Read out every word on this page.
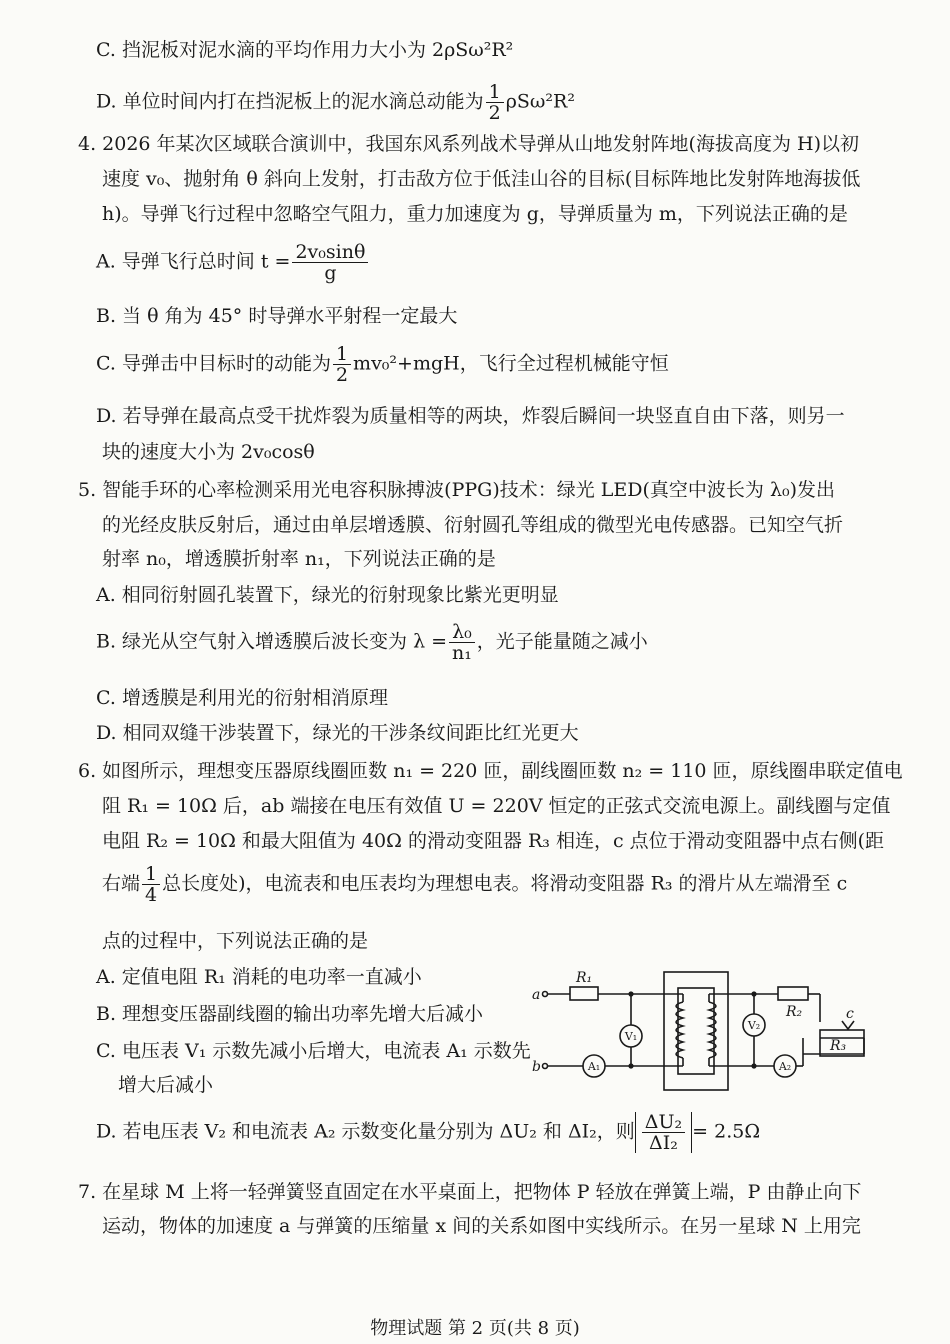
C. 挡泥板对泥水滴的平均作用力大小为 2ρSω²R²
D. 单位时间内打在挡泥板上的泥水滴总动能为 $\frac{1}{2} \rho S\omega^2R^2$
4. 2026 年某次区域联合演训中，我国东风系列战术导弹从山地发射阵地(海拔高度为 H)以初
速度 v₀、抛射角 θ 斜向上发射，打击敌方位于低洼山谷的目标(目标阵地比发射阵地海拔低
h)。导弹飞行过程中忽略空气阻力，重力加速度为 g，导弹质量为 m，下列说法正确的是
A. 导弹飞行总时间 $t = \frac{\text{2v₀sinθ}}{g}$
B. 当 θ 角为 45° 时导弹水平射程一定最大
C. 导弹击中目标时的动能为 $\frac{1}{2} mv_0^2+mgH$，飞行全过程机械能守恒
D. 若导弹在最高点受干扰炸裂为质量相等的两块，炸裂后瞬间一块竖直自由下落，则另一
块的速度大小为 2v₀cosθ
5. 智能手环的心率检测采用光电容积脉搏波(PPG)技术：绿光 LED(真空中波长为 λ₀)发出
的光经皮肤反射后，通过由单层增透膜、衍射圆孔等组成的微型光电传感器。已知空气折
射率 n₀，增透膜折射率 n₁，下列说法正确的是
A. 相同衍射圆孔装置下，绿光的衍射现象比紫光更明显
B. 绿光从空气射入增透膜后波长变为 $\lambda = \frac{\text{λ₀}}{\text{n₁}}$ ，光子能量随之减小
C. 增透膜是利用光的衍射相消原理
D. 相同双缝干涉装置下，绿光的干涉条纹间距比红光更大
6. 如图所示，理想变压器原线圈匝数 n₁ = 220 匝，副线圈匝数 n₂ = 110 匝，原线圈串联定值电
阻 R₁ = 10Ω 后，ab 端接在电压有效值 U = 220V 恒定的正弦式交流电源上。副线圈与定值
电阻 R₂ = 10Ω 和最大阻值为 40Ω 的滑动变阻器 R₃ 相连，c 点位于滑动变阻器中点右侧(距
右端 $\frac{1}{4}$ 总长度处)，电流表和电压表均为理想电表。将滑动变阻器 R₃ 的滑片从左端滑至 c
点的过程中，下列说法正确的是
A. 定值电阻 R₁ 消耗的电功率一直减小
B. 理想变压器副线圈的输出功率先增大后减小
C. 电压表 V₁ 示数先减小后增大，电流表 A₁ 示数先
增大后减小
D. 若电压表 V₂ 和电流表 A₂ 示数变化量分别为 ΔU₂ 和 ΔI₂，则 $\frac{\text{ΔU₂}}{\text{ΔI₂}} = 2.5\Omega$
7. 在星球 M 上将一轻弹簧竖直固定在水平桌面上，把物体 P 轻放在弹簧上端，P 由静止向下
运动，物体的加速度 a 与弹簧的压缩量 x 间的关系如图中实线所示。在另一星球 N 上用完
a
b
R₁
R₂
R₃
c
V₁
V₂
A₁	A₂
物理试题 第 2 页(共 8 页)
